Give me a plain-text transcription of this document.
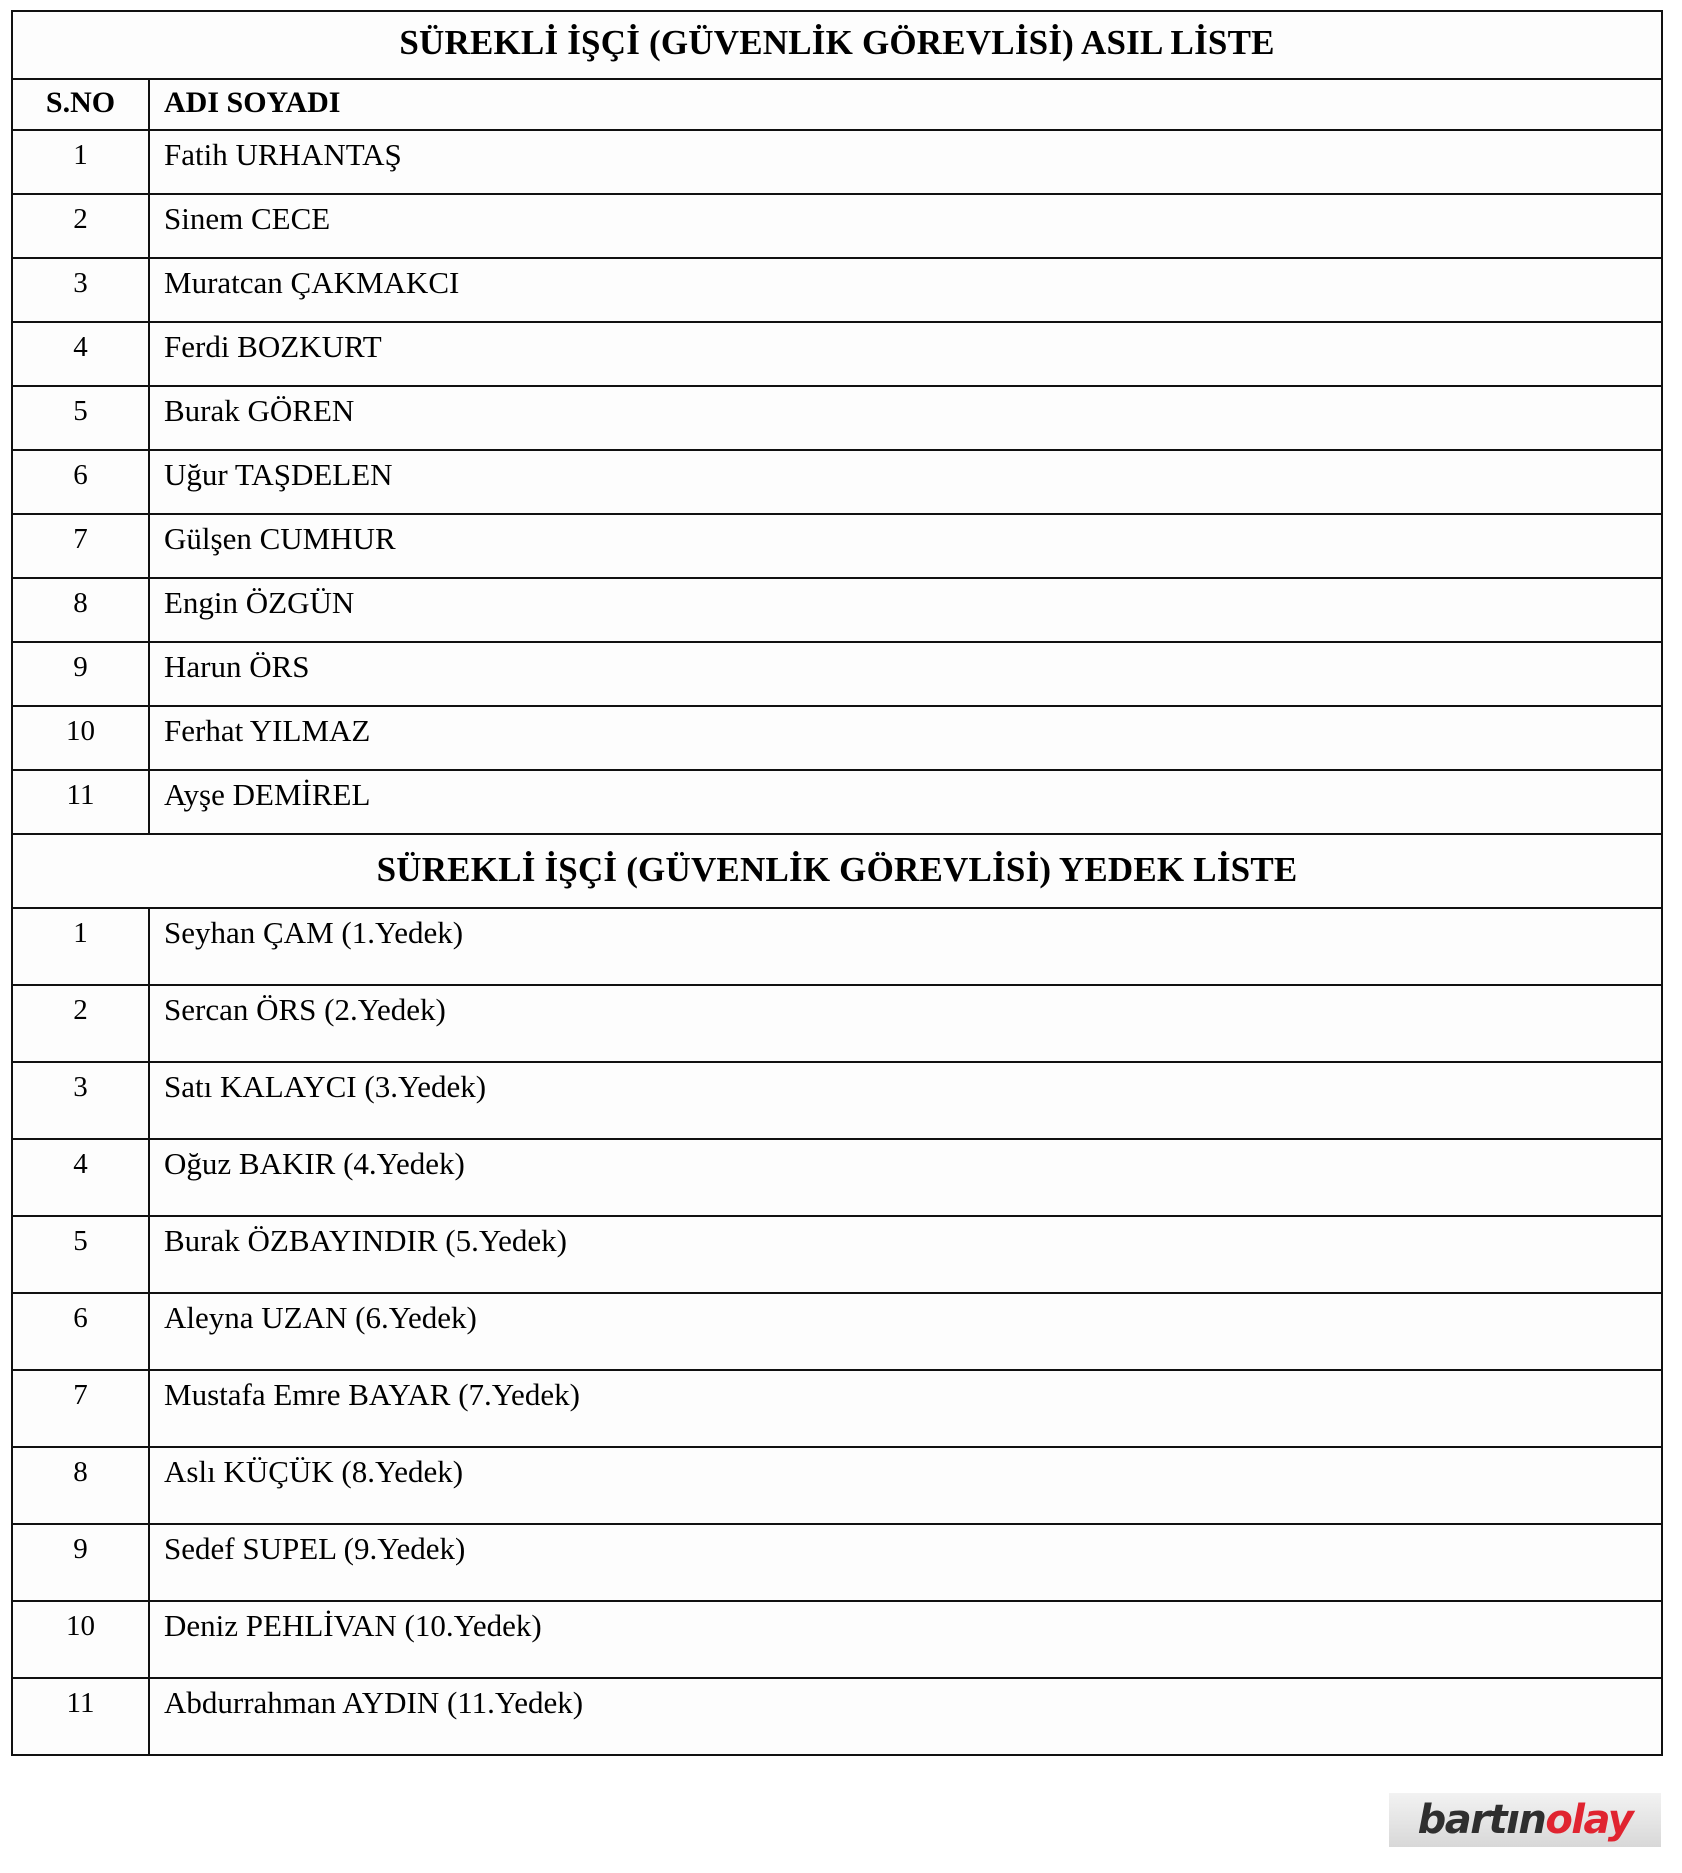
SÜREKLİ İŞÇİ (GÜVENLİK GÖREVLİSİ) ASIL LİSTE	
S.NO	ADI SOYADI
1	Fatih URHANTAŞ
2	Sinem CECE
3	Muratcan ÇAKMAKCI
4	Ferdi BOZKURT
5	Burak GÖREN
6	Uğur TAŞDELEN
7	Gülşen CUMHUR
8	Engin ÖZGÜN
9	Harun ÖRS
10	Ferhat YILMAZ
11	Ayşe DEMİREL
SÜREKLİ İŞÇİ (GÜVENLİK GÖREVLİSİ) YEDEK LİSTE	
1	Seyhan ÇAM (1.Yedek)
2	Sercan ÖRS (2.Yedek)
3	Satı KALAYCI (3.Yedek)
4	Oğuz BAKIR (4.Yedek)
5	Burak ÖZBAYINDIR (5.Yedek)
6	Aleyna UZAN (6.Yedek)
7	Mustafa Emre BAYAR (7.Yedek)
8	Aslı KÜÇÜK (8.Yedek)
9	Sedef SUPEL (9.Yedek)
10	Deniz PEHLİVAN (10.Yedek)
11	Abdurrahman AYDIN (11.Yedek)
bartınolay
